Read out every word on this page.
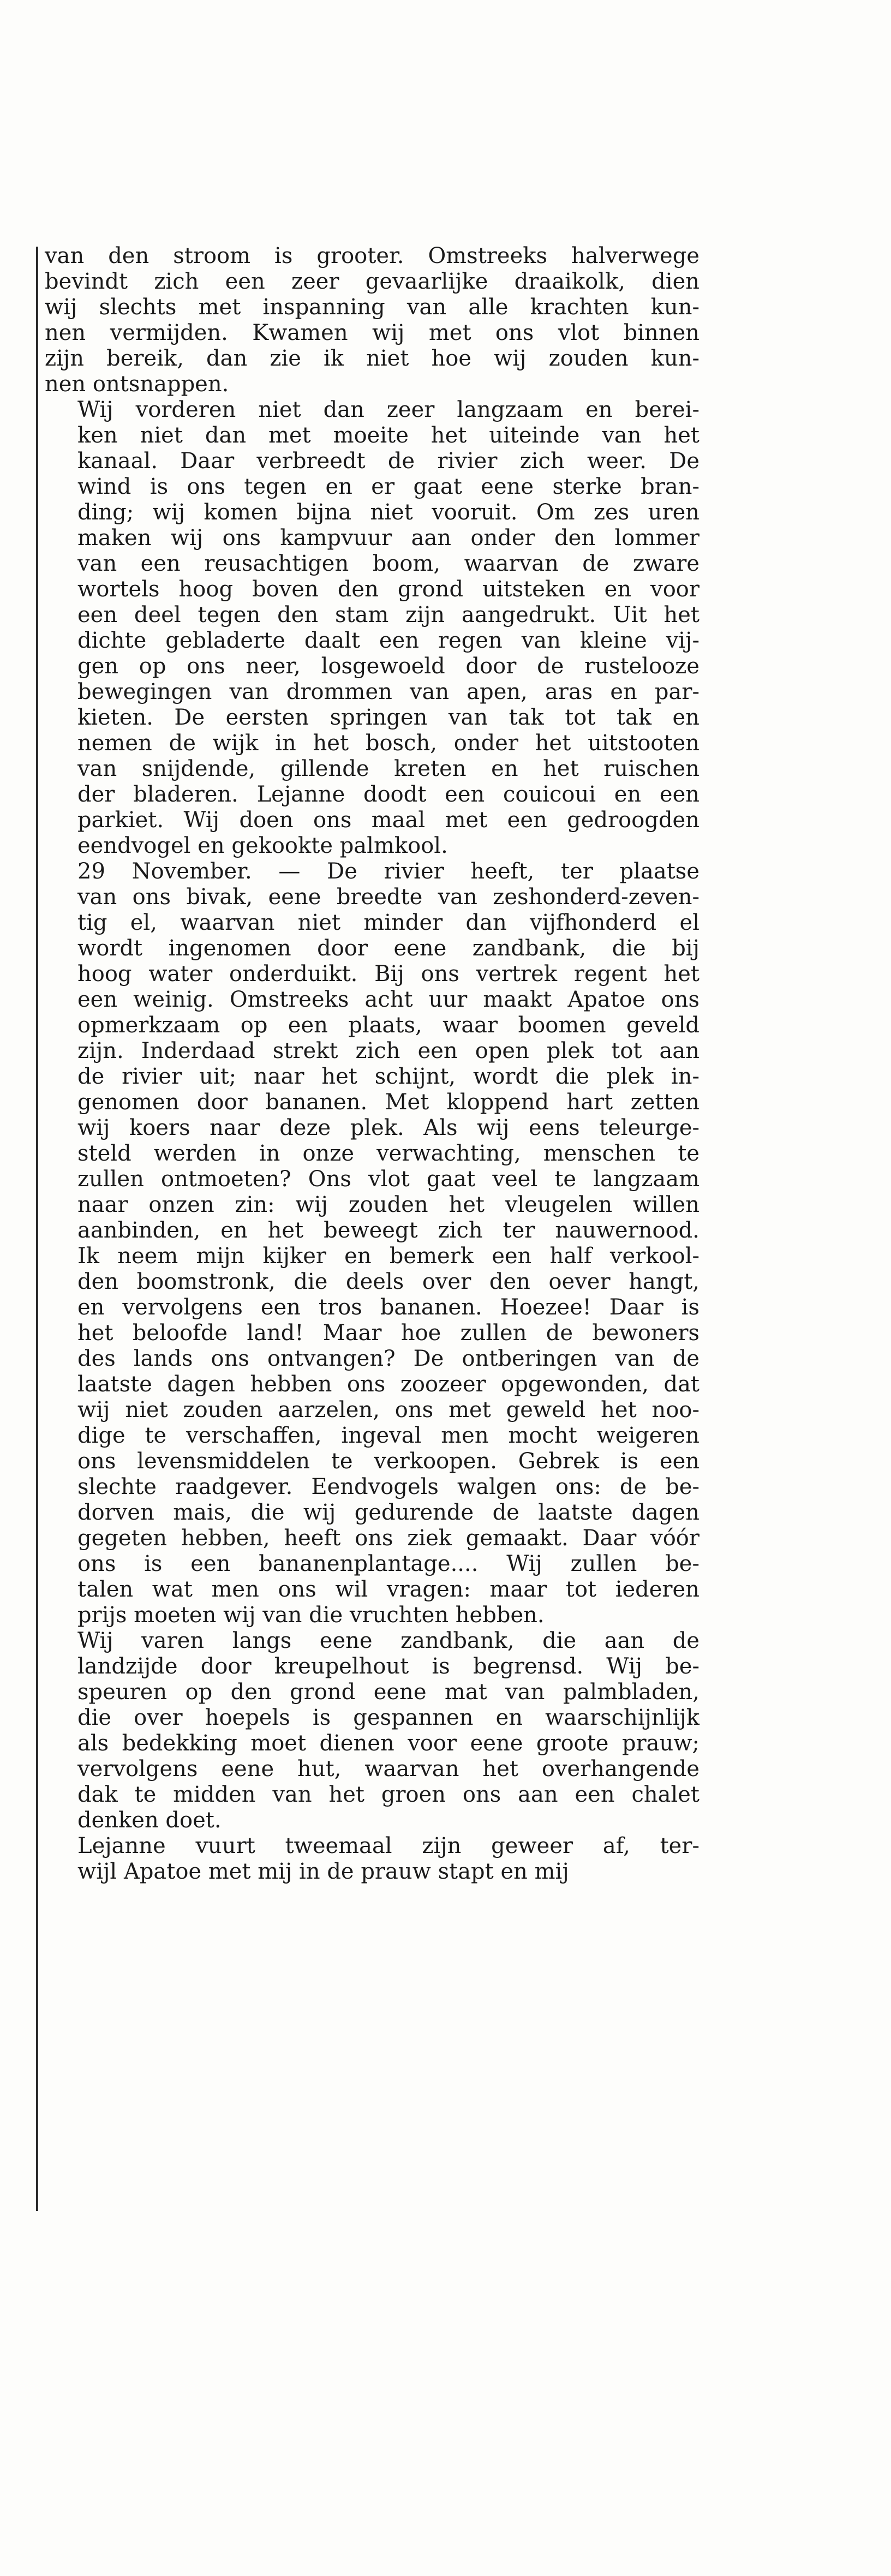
van den stroom is grooter. Omstreeks halverwege
bevindt zich een zeer gevaarlijke draaikolk, dien
wij slechts met inspanning van alle krachten kun-
nen vermijden. Kwamen wij met ons vlot binnen
zijn bereik, dan zie ik niet hoe wij zouden kun-
nen ontsnappen.

Wij vorderen niet dan zeer langzaam en berei-
ken niet dan met moeite het uiteinde van het
kanaal. Daar verbreedt de rivier zich weer. De
wind is ons tegen en er gaat eene sterke bran-
ding; wij komen bijna niet vooruit. Om zes uren
maken wij ons kampvuur aan onder den lommer
van een reusachtigen boom, waarvan de zware
wortels hoog boven den grond uitsteken en voor
een deel tegen den stam zijn aangedrukt. Uit het
dichte gebladerte daalt een regen van kleine vij-
gen op ons neer, losgewoeld door de rustelooze
bewegingen van drommen van apen, aras en par-
kieten. De eersten springen van tak tot tak en
nemen de wijk in het bosch, onder het uitstooten
van snijdende, gillende kreten en het ruischen
der bladeren. Lejanne doodt een couicoui en een
parkiet. Wij doen ons maal met een gedroogden
eendvogel en gekookte palmkool.

29 November. — De rivier heeft, ter plaatse
van ons bivak, eene breedte van zeshonderd-zeven-
tig el, waarvan niet minder dan vijfhonderd el
wordt ingenomen door eene zandbank, die bij
hoog water onderduikt. Bij ons vertrek regent het
een weinig. Omstreeks acht uur maakt Apatoe ons
opmerkzaam op een plaats, waar boomen geveld
zijn. Inderdaad strekt zich een open plek tot aan
de rivier uit; naar het schijnt, wordt die plek in-
genomen door bananen. Met kloppend hart zetten
wij koers naar deze plek. Als wij eens teleurge-
steld werden in onze verwachting, menschen te
zullen ontmoeten? Ons vlot gaat veel te langzaam
naar onzen zin: wij zouden het vleugelen willen
aanbinden, en het beweegt zich ter nauwernood.
Ik neem mijn kijker en bemerk een half verkool-
den boomstronk, die deels over den oever hangt,
en vervolgens een tros bananen. Hoezee! Daar is
het beloofde land! Maar hoe zullen de bewoners
des lands ons ontvangen? De ontberingen van de
laatste dagen hebben ons zoozeer opgewonden, dat
wij niet zouden aarzelen, ons met geweld het noo-
dige te verschaffen, ingeval men mocht weigeren
ons levensmiddelen te verkoopen. Gebrek is een
slechte raadgever. Eendvogels walgen ons: de be-
dorven mais, die wij gedurende de laatste dagen
gegeten hebben, heeft ons ziek gemaakt. Daar vóór
ons is een bananenplantage.... Wij zullen be-
talen wat men ons wil vragen: maar tot iederen
prijs moeten wij van die vruchten hebben.

Wij varen langs eene zandbank, die aan de
landzijde door kreupelhout is begrensd. Wij be-
speuren op den grond eene mat van palmbladen,
die over hoepels is gespannen en waarschijnlijk
als bedekking moet dienen voor eene groote prauw;
vervolgens eene hut, waarvan het overhangende
dak te midden van het groen ons aan een chalet
denken doet.

Lejanne vuurt tweemaal zijn geweer af, ter-
wijl Apatoe met mij in de prauw stapt en mij
